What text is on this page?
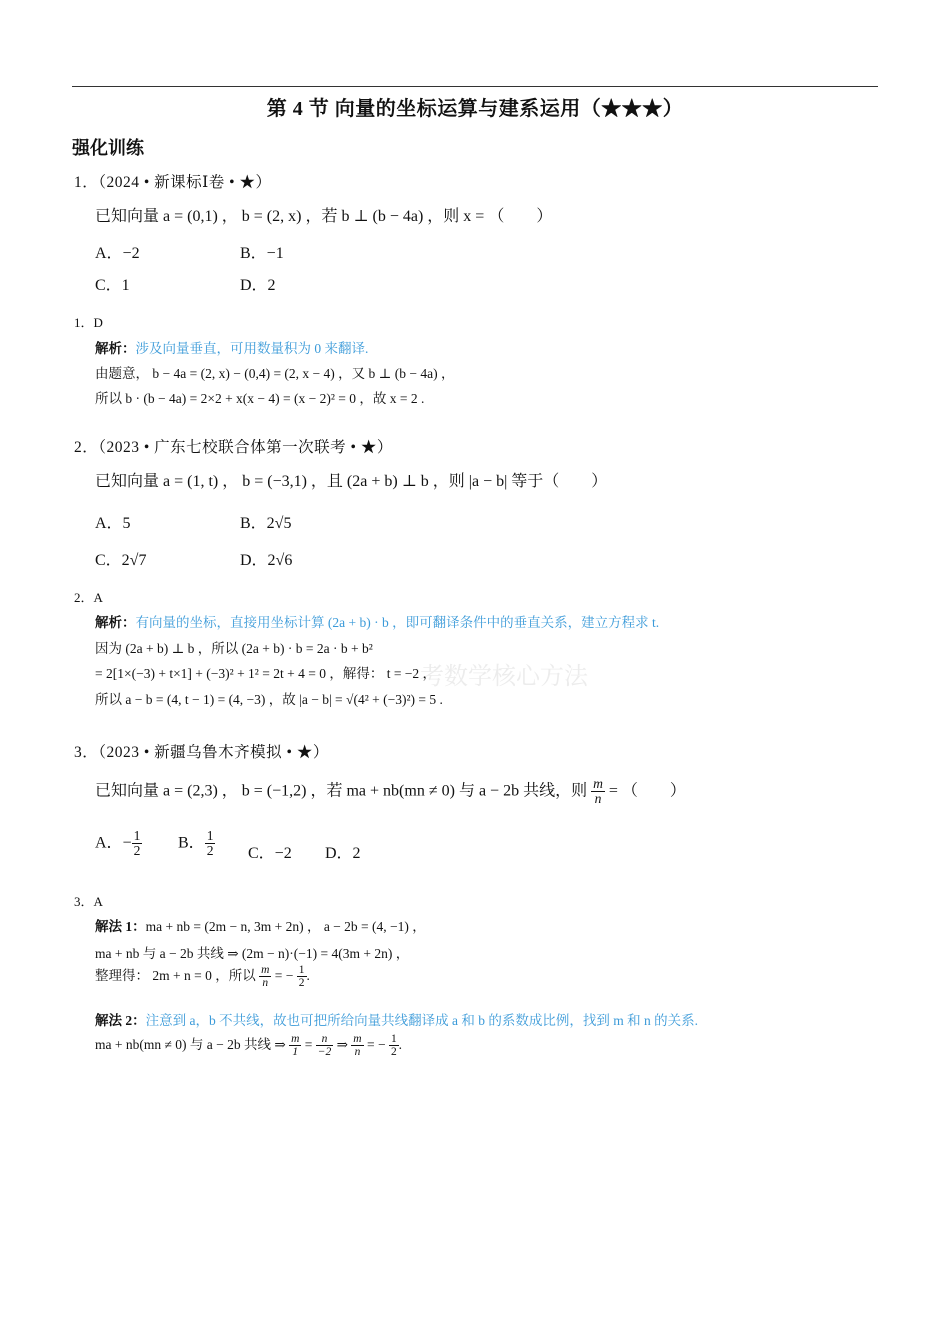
第 4 节 向量的坐标运算与建系运用（★★★）
强化训练
考数学核心方法
1．（2024 • 新课标Ⅰ卷 • ★）
已知向量 a = (0,1) ， b = (2, x) ，若 b ⊥ (b − 4a) ，则 x = （　　）
A．−2	B．−1
C．1	D．2
1．D
解析：涉及向量垂直，可用数量积为 0 来翻译.
由题意， b − 4a = (2, x) − (0,4) = (2, x − 4) ，又 b ⊥ (b − 4a) ，
所以 b · (b − 4a) = 2×2 + x(x − 4) = (x − 2)² = 0 ，故 x = 2 .
2．（2023 • 广东七校联合体第一次联考 • ★）
已知向量 a = (1, t) ， b = (−3,1) ，且 (2a + b) ⊥ b ，则 |a − b| 等于（　　）
A．5	B．2√5
C．2√7	D．2√6
2．A
解析：有向量的坐标，直接用坐标计算 (2a + b) · b ，即可翻译条件中的垂直关系，建立方程求 t.
因为 (2a + b) ⊥ b ，所以 (2a + b) · b = 2a · b + b²
= 2[1×(−3) + t×1] + (−3)² + 1² = 2t + 4 = 0 ，解得： t = −2 ，
所以 a − b = (4, t − 1) = (4, −3) ，故 |a − b| = √(4² + (−3)²) = 5 .
3．（2023 • 新疆乌鲁木齐模拟 • ★）
已知向量 a = (2,3) ， b = (−1,2) ，若 ma + nb(mn ≠ 0) 与 a − 2b 共线，则 $\frac{m}{n}$ = （　　）
A．− $\frac{1}{2}$ B． $\frac{1}{2}$ C．−2 D．2
3．A
解法 1：ma + nb = (2m − n, 3m + 2n) ， a − 2b = (4, −1) ，
ma + nb 与 a − 2b 共线 ⇒ (2m − n)·(−1) = 4(3m + 2n) ，
整理得： 2m + n = 0 ，所以 $\frac{m}{n}$ = − $\frac{1}{2}$ .
解法 2：注意到 a，b 不共线，故也可把所给向量共线翻译成 a 和 b 的系数成比例，找到 m 和 n 的关系.
ma + nb(mn ≠ 0) 与 a − 2b 共线 ⇒ $\frac{m}{1} = \frac{n}{-2}$ ⇒ $\frac{m}{n}$ = − $\frac{1}{2}$ .
